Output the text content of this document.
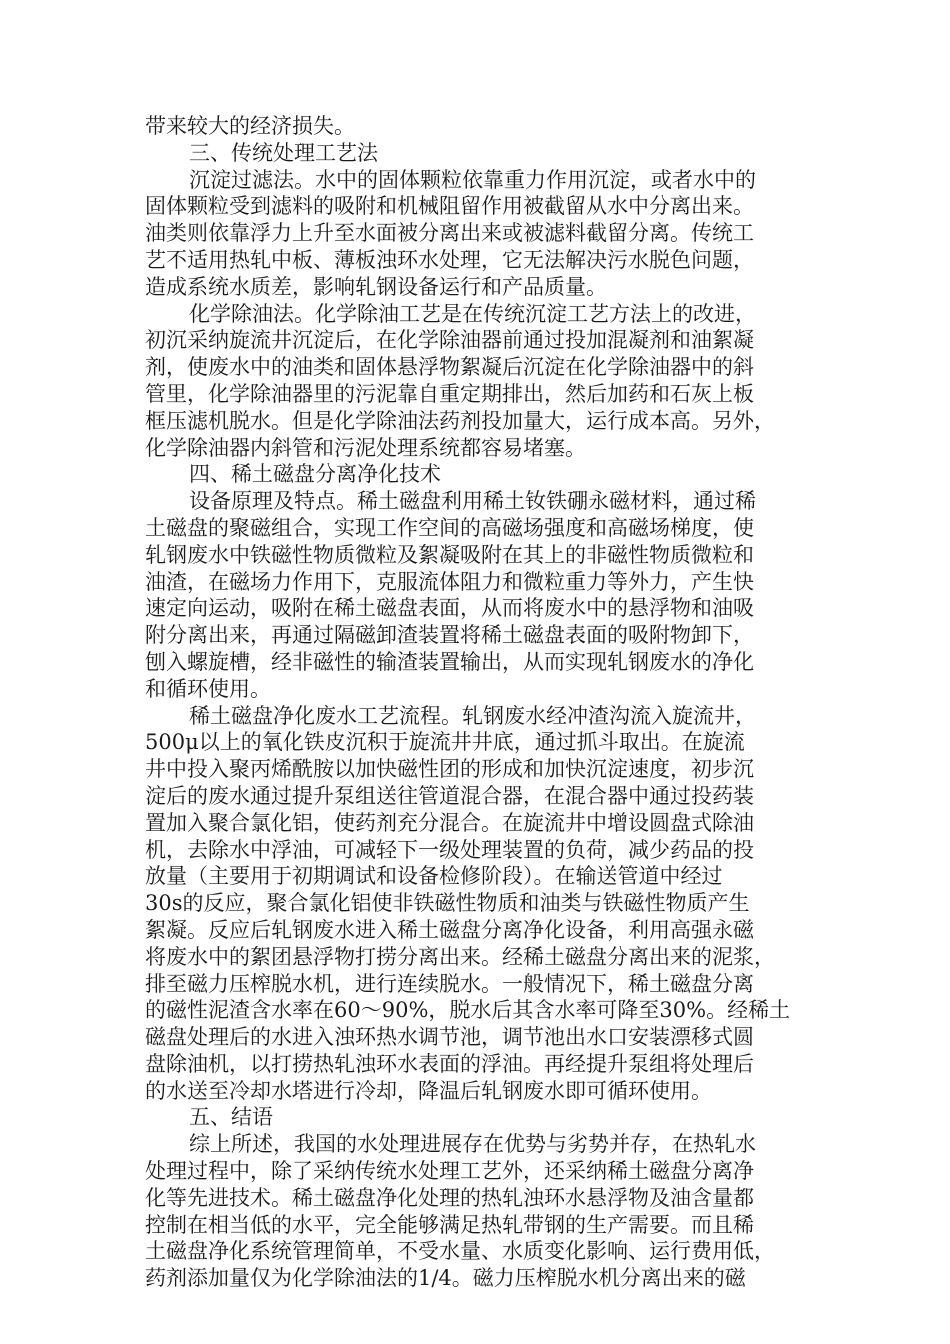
带来较大的经济损失。
三、传统处理工艺法
沉淀过滤法。水中的固体颗粒依靠重力作用沉淀，或者水中的
固体颗粒受到滤料的吸附和机械阻留作用被截留从水中分离出来。
油类则依靠浮力上升至水面被分离出来或被滤料截留分离。传统工
艺不适用热轧中板、薄板浊环水处理，它无法解决污水脱色问题，
造成系统水质差，影响轧钢设备运行和产品质量。
化学除油法。化学除油工艺是在传统沉淀工艺方法上的改进，
初沉采纳旋流井沉淀后，在化学除油器前通过投加混凝剂和油絮凝
剂，使废水中的油类和固体悬浮物絮凝后沉淀在化学除油器中的斜
管里，化学除油器里的污泥靠自重定期排出，然后加药和石灰上板
框压滤机脱水。但是化学除油法药剂投加量大，运行成本高。另外，
化学除油器内斜管和污泥处理系统都容易堵塞。
四、稀土磁盘分离净化技术
设备原理及特点。稀土磁盘利用稀土钕铁硼永磁材料，通过稀
土磁盘的聚磁组合，实现工作空间的高磁场强度和高磁场梯度，使
轧钢废水中铁磁性物质微粒及絮凝吸附在其上的非磁性物质微粒和
油渣，在磁场力作用下，克服流体阻力和微粒重力等外力，产生快
速定向运动，吸附在稀土磁盘表面，从而将废水中的悬浮物和油吸
附分离出来，再通过隔磁卸渣装置将稀土磁盘表面的吸附物卸下，
刨入螺旋槽，经非磁性的输渣装置输出，从而实现轧钢废水的净化
和循环使用。
稀土磁盘净化废水工艺流程。轧钢废水经冲渣沟流入旋流井，
500μ以上的氧化铁皮沉积于旋流井井底，通过抓斗取出。在旋流
井中投入聚丙烯酰胺以加快磁性团的形成和加快沉淀速度，初步沉
淀后的废水通过提升泵组送往管道混合器，在混合器中通过投药装
置加入聚合氯化铝，使药剂充分混合。在旋流井中增设圆盘式除油
机，去除水中浮油，可减轻下一级处理装置的负荷，减少药品的投
放量（主要用于初期调试和设备检修阶段）。在输送管道中经过
30s的反应，聚合氯化铝使非铁磁性物质和油类与铁磁性物质产生
絮凝。反应后轧钢废水进入稀土磁盘分离净化设备，利用高强永磁
将废水中的絮团悬浮物打捞分离出来。经稀土磁盘分离出来的泥浆，
排至磁力压榨脱水机，进行连续脱水。一般情况下，稀土磁盘分离
的磁性泥渣含水率在60～90%，脱水后其含水率可降至30%。经稀土
磁盘处理后的水进入浊环热水调节池，调节池出水口安装漂移式圆
盘除油机，以打捞热轧浊环水表面的浮油。再经提升泵组将处理后
的水送至冷却水塔进行冷却，降温后轧钢废水即可循环使用。
五、结语
综上所述，我国的水处理进展存在优势与劣势并存，在热轧水
处理过程中，除了采纳传统水处理工艺外，还采纳稀土磁盘分离净
化等先进技术。稀土磁盘净化处理的热轧浊环水悬浮物及油含量都
控制在相当低的水平，完全能够满足热轧带钢的生产需要。而且稀
土磁盘净化系统管理简单，不受水量、水质变化影响、运行费用低，
药剂添加量仅为化学除油法的1/4。磁力压榨脱水机分离出来的磁
